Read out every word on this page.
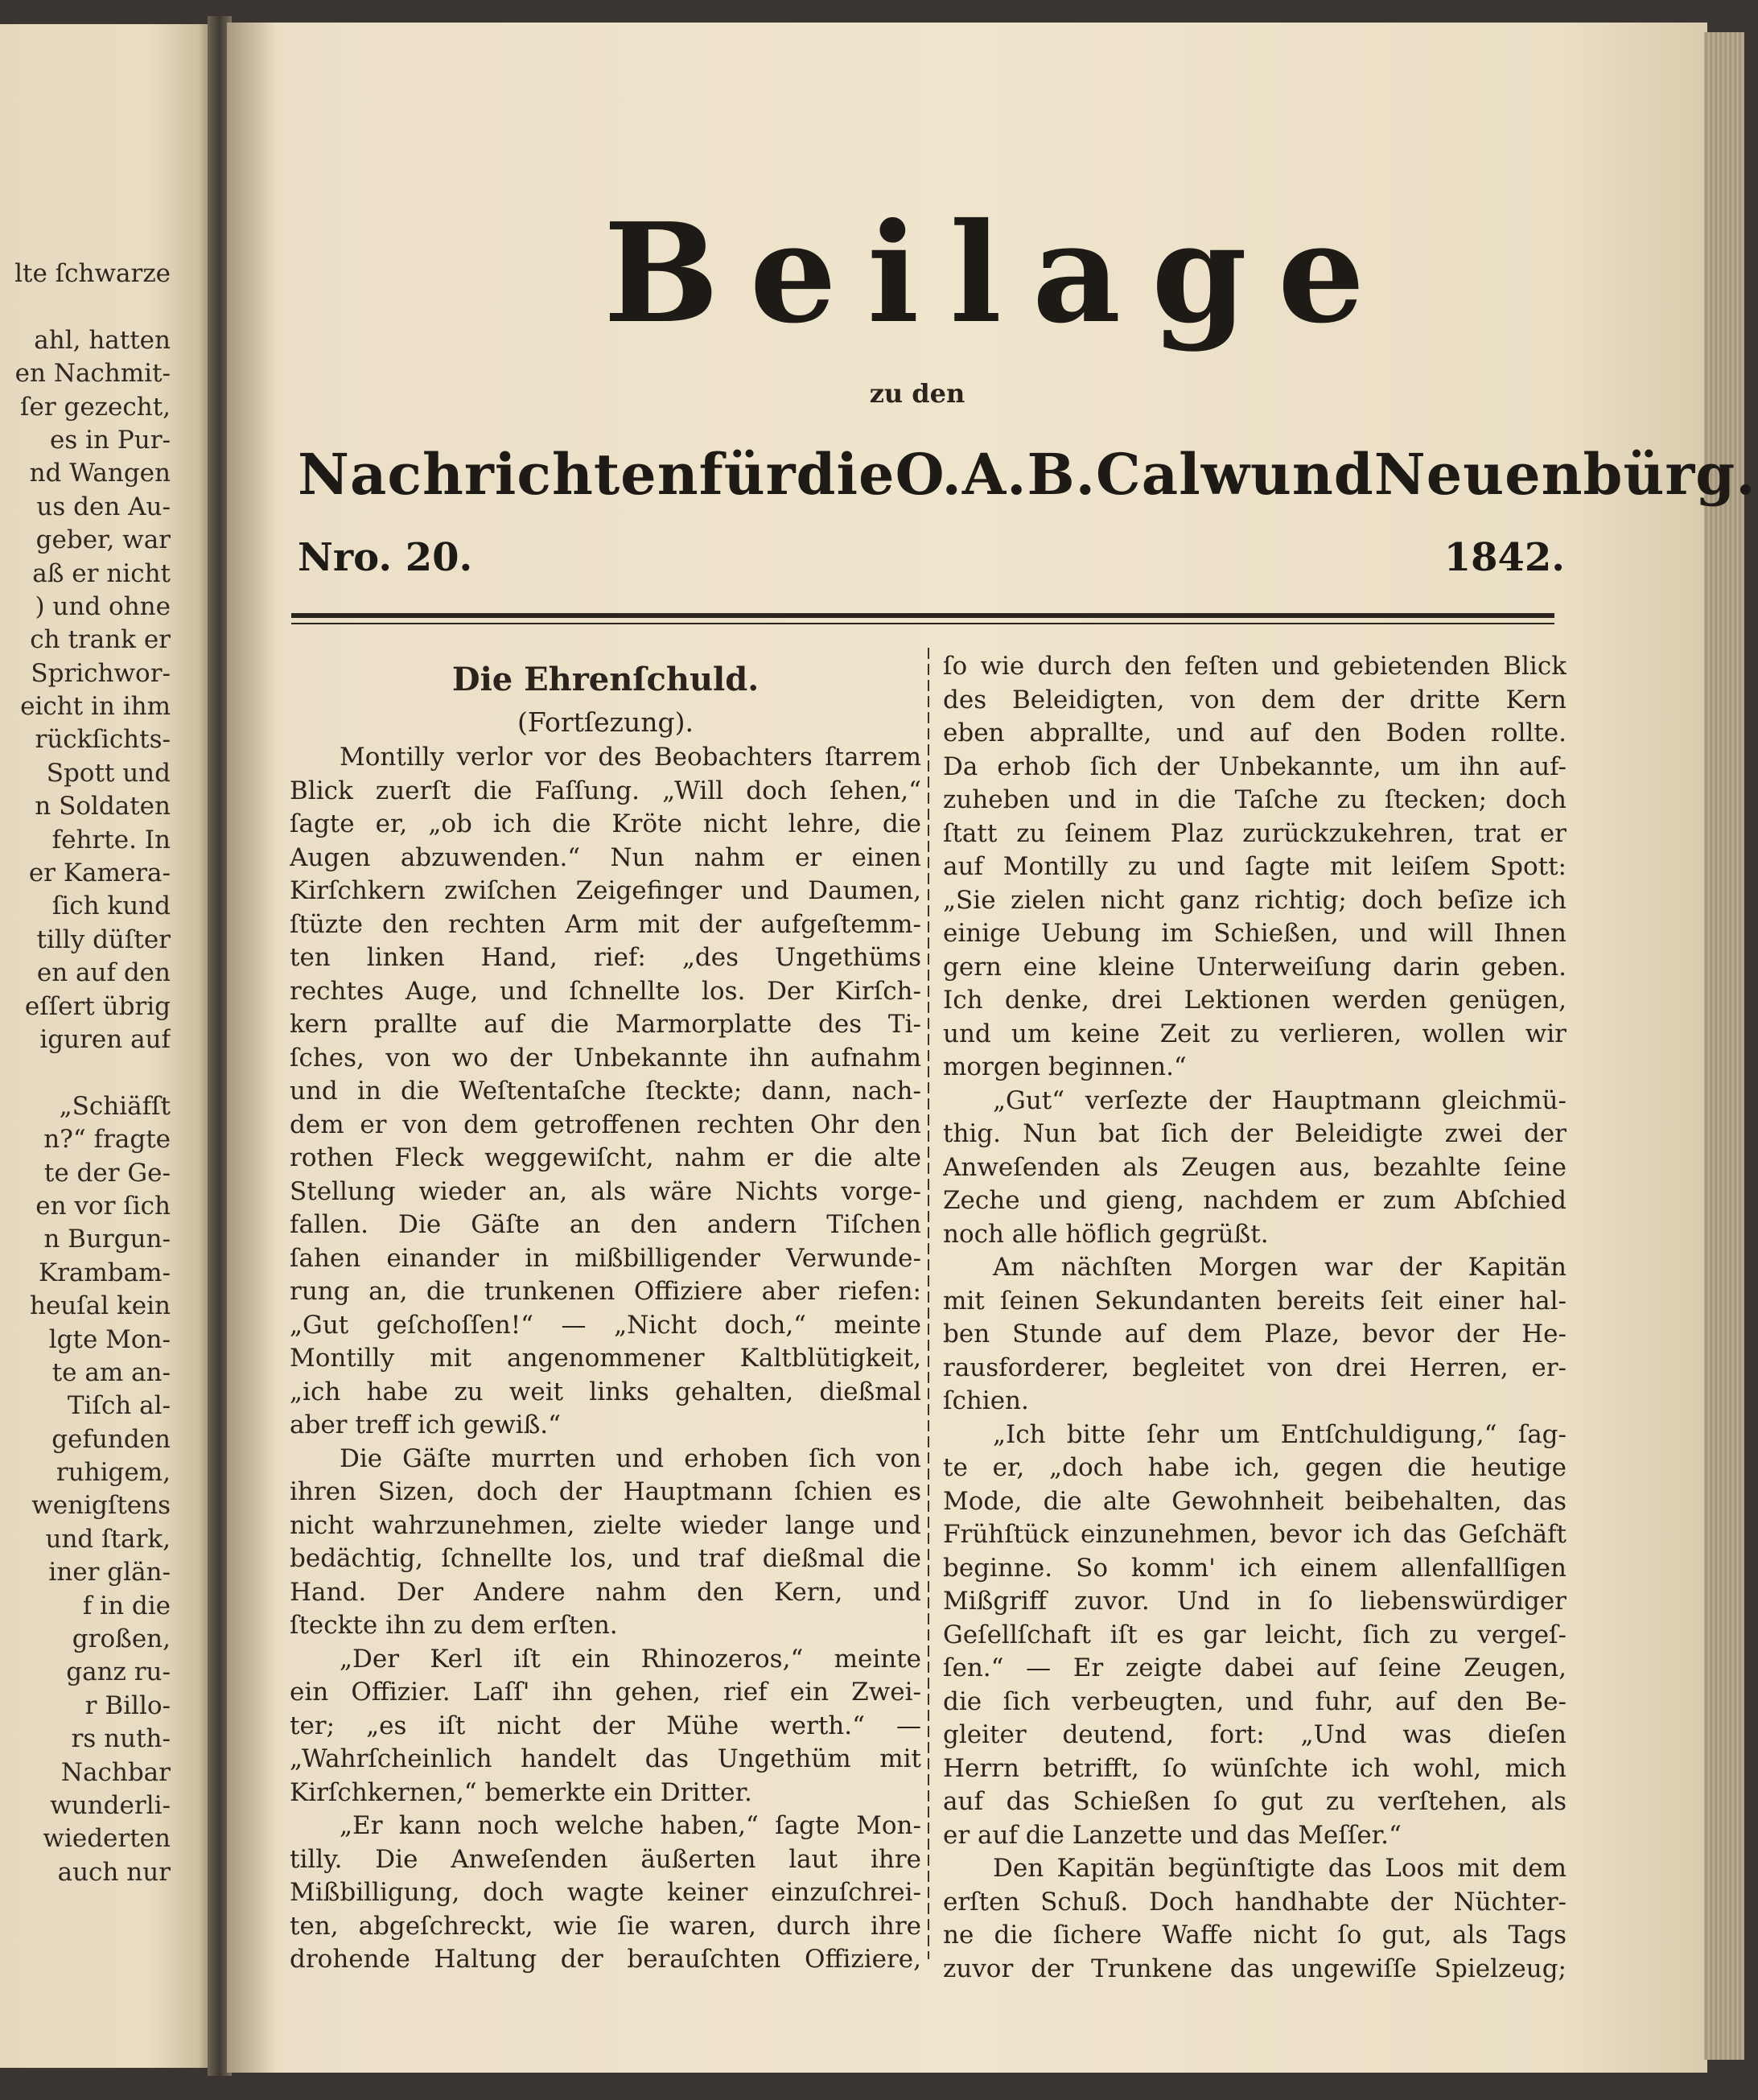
lte ſchwarze
ahl, hatten
en Nachmit-
ſer gezecht,
es in Pur-
nd Wangen
us den Au-
geber, war
aß er nicht
) und ohne
ch trank er
Sprichwor-
eicht in ihm
rückſichts-
Spott und
n Soldaten
fehrte. In
er Kamera-
ſich kund
tilly düſter
en auf den
eſſert übrig
iguren auf
„Schiäfſt
n?“ fragte
te der Ge-
en vor ſich
n Burgun-
Krambam-
heuſal kein
lgte Mon-
te am an-
Tiſch al-
gefunden
ruhigem,
wenigſtens
und ſtark,
iner glän-
f in die
großen,
ganz ru-
r Billo-
rs nuth-
Nachbar
wunderli-
wiederten
auch nur
Beilage
zu den
Nachrichten für die O.A.B. Calw und Neuenbürg.
Nro. 20.	1842.
Die Ehrenſchuld.
(Fortſezung).
Montilly verlor vor des Beobachters ſtarrem
Blick zuerſt die Faſſung. „Will doch ſehen,“
ſagte er, „ob ich die Kröte nicht lehre, die
Augen abzuwenden.“ Nun nahm er einen
Kirſchkern zwiſchen Zeigefinger und Daumen,
ſtüzte den rechten Arm mit der aufgeſtemm-
ten linken Hand, rief: „des Ungethüms
rechtes Auge, und ſchnellte los. Der Kirſch-
kern prallte auf die Marmorplatte des Ti-
ſches, von wo der Unbekannte ihn aufnahm
und in die Weſtentaſche ſteckte; dann, nach-
dem er von dem getroffenen rechten Ohr den
rothen Fleck weggewiſcht, nahm er die alte
Stellung wieder an, als wäre Nichts vorge-
fallen. Die Gäſte an den andern Tiſchen
ſahen einander in mißbilligender Verwunde-
rung an, die trunkenen Offiziere aber riefen:
„Gut geſchoſſen!“ — „Nicht doch,“ meinte
Montilly mit angenommener Kaltblütigkeit,
„ich habe zu weit links gehalten, dießmal
aber treff ich gewiß.“
Die Gäſte murrten und erhoben ſich von
ihren Sizen, doch der Hauptmann ſchien es
nicht wahrzunehmen, zielte wieder lange und
bedächtig, ſchnellte los, und traf dießmal die
Hand. Der Andere nahm den Kern, und
ſteckte ihn zu dem erſten.
„Der Kerl iſt ein Rhinozeros,“ meinte
ein Offizier. Laſſ' ihn gehen, rief ein Zwei-
ter; „es iſt nicht der Mühe werth.“ —
„Wahrſcheinlich handelt das Ungethüm mit
Kirſchkernen,“ bemerkte ein Dritter.
„Er kann noch welche haben,“ ſagte Mon-
tilly. Die Anweſenden äußerten laut ihre
Mißbilligung, doch wagte keiner einzuſchrei-
ten, abgeſchreckt, wie ſie waren, durch ihre
drohende Haltung der berauſchten Offiziere,
ſo wie durch den feſten und gebietenden Blick
des Beleidigten, von dem der dritte Kern
eben abprallte, und auf den Boden rollte.
Da erhob ſich der Unbekannte, um ihn auf-
zuheben und in die Taſche zu ſtecken; doch
ſtatt zu ſeinem Plaz zurückzukehren, trat er
auf Montilly zu und ſagte mit leiſem Spott:
„Sie zielen nicht ganz richtig; doch beſize ich
einige Uebung im Schießen, und will Ihnen
gern eine kleine Unterweiſung darin geben.
Ich denke, drei Lektionen werden genügen,
und um keine Zeit zu verlieren, wollen wir
morgen beginnen.“
„Gut“ verſezte der Hauptmann gleichmü-
thig. Nun bat ſich der Beleidigte zwei der
Anweſenden als Zeugen aus, bezahlte ſeine
Zeche und gieng, nachdem er zum Abſchied
noch alle höflich gegrüßt.
Am nächſten Morgen war der Kapitän
mit ſeinen Sekundanten bereits ſeit einer hal-
ben Stunde auf dem Plaze, bevor der He-
rausforderer, begleitet von drei Herren, er-
ſchien.
„Ich bitte ſehr um Entſchuldigung,“ ſag-
te er, „doch habe ich, gegen die heutige
Mode, die alte Gewohnheit beibehalten, das
Frühſtück einzunehmen, bevor ich das Geſchäft
beginne. So komm' ich einem allenfallſigen
Mißgriff zuvor. Und in ſo liebenswürdiger
Geſellſchaft iſt es gar leicht, ſich zu vergeſ-
ſen.“ — Er zeigte dabei auf ſeine Zeugen,
die ſich verbeugten, und fuhr, auf den Be-
gleiter deutend, fort: „Und was dieſen
Herrn betrifft, ſo wünſchte ich wohl, mich
auf das Schießen ſo gut zu verſtehen, als
er auf die Lanzette und das Meſſer.“
Den Kapitän begünſtigte das Loos mit dem
erſten Schuß. Doch handhabte der Nüchter-
ne die ſichere Waffe nicht ſo gut, als Tags
zuvor der Trunkene das ungewiſſe Spielzeug;
